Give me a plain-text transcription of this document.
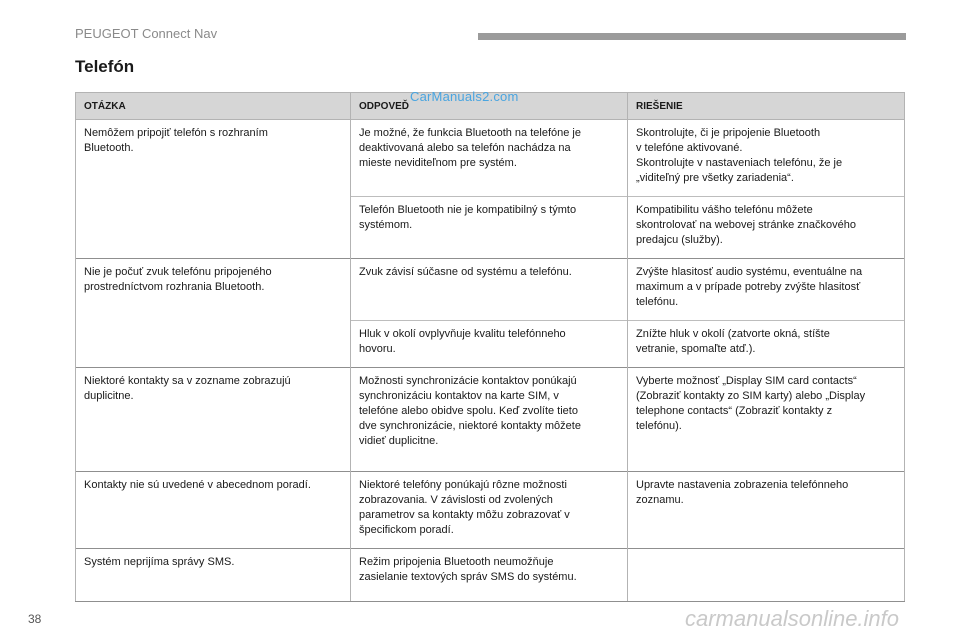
PEUGEOT Connect Nav
Telefón
OTÁZKA	ODPOVEĎ	RIEŠENIE
Nemôžem pripojiť telefón s rozhraním
Bluetooth.	Je možné, že funkcia Bluetooth na telefóne je
deaktivovaná alebo sa telefón nachádza na
mieste neviditeľnom pre systém.	Skontrolujte, či je pripojenie Bluetooth
v telefóne aktivované.
Skontrolujte v nastaveniach telefónu, že je
„viditeľný pre všetky zariadenia“.
	Telefón Bluetooth nie je kompatibilný s týmto
systémom.	Kompatibilitu vášho telefónu môžete
skontrolovať na webovej stránke značkového
predajcu (služby).
Nie je počuť zvuk telefónu pripojeného
prostredníctvom rozhrania Bluetooth.	Zvuk závisí súčasne od systému a telefónu.	Zvýšte hlasitosť audio systému, eventuálne na
maximum a v prípade potreby zvýšte hlasitosť
telefónu.
	Hluk v okolí ovplyvňuje kvalitu telefónneho
hovoru.	Znížte hluk v okolí (zatvorte okná, stíšte
vetranie, spomaľte atď.).
Niektoré kontakty sa v zozname zobrazujú
duplicitne.	Možnosti synchronizácie kontaktov ponúkajú
synchronizáciu kontaktov na karte SIM, v
telefóne alebo obidve spolu. Keď zvolíte tieto
dve synchronizácie, niektoré kontakty môžete
vidieť duplicitne.	Vyberte možnosť „Display SIM card contacts“
(Zobraziť kontakty zo SIM karty) alebo „Display
telephone contacts“ (Zobraziť kontakty z
telefónu).
Kontakty nie sú uvedené v abecednom poradí.	Niektoré telefóny ponúkajú rôzne možnosti
zobrazovania. V závislosti od zvolených
parametrov sa kontakty môžu zobrazovať v
špecifickom poradí.	Upravte nastavenia zobrazenia telefónneho
zoznamu.
Systém neprijíma správy SMS.	Režim pripojenia Bluetooth neumožňuje
zasielanie textových správ SMS do systému.	
CarManuals2.com
38	carmanualsonline.info
